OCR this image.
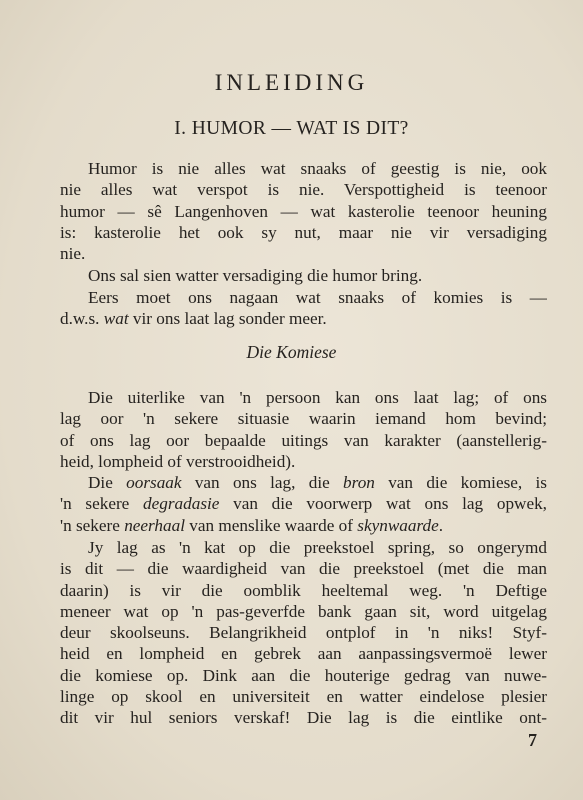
INLEIDING
I. HUMOR — WAT IS DIT?
Humor is nie alles wat snaaks of geestig is nie, ook
nie alles wat verspot is nie. Verspottigheid is teenoor
humor — sê Langenhoven — wat kasterolie teenoor heuning
is: kasterolie het ook sy nut, maar nie vir versadiging
nie.
Ons sal sien watter versadiging die humor bring.
Eers moet ons nagaan wat snaaks of komies is —
d.w.s. wat vir ons laat lag sonder meer.
Die Komiese
Die uiterlike van 'n persoon kan ons laat lag; of ons
lag oor 'n sekere situasie waarin iemand hom bevind;
of ons lag oor bepaalde uitings van karakter (aanstellerig-
heid, lompheid of verstrooidheid).
Die oorsaak van ons lag, die bron van die komiese, is
'n sekere degradasie van die voorwerp wat ons lag opwek,
'n sekere neerhaal van menslike waarde of skynwaarde.
Jy lag as 'n kat op die preekstoel spring, so ongerymd
is dit — die waardigheid van die preekstoel (met die man
daarin) is vir die oomblik heeltemal weg. 'n Deftige
meneer wat op 'n pas-geverfde bank gaan sit, word uitgelag
deur skoolseuns. Belangrikheid ontplof in 'n niks! Styf-
heid en lompheid en gebrek aan aanpassingsvermoë lewer
die komiese op. Dink aan die houterige gedrag van nuwe-
linge op skool en universiteit en watter eindelose plesier
dit vir hul seniors verskaf! Die lag is die eintlike ont-
7
